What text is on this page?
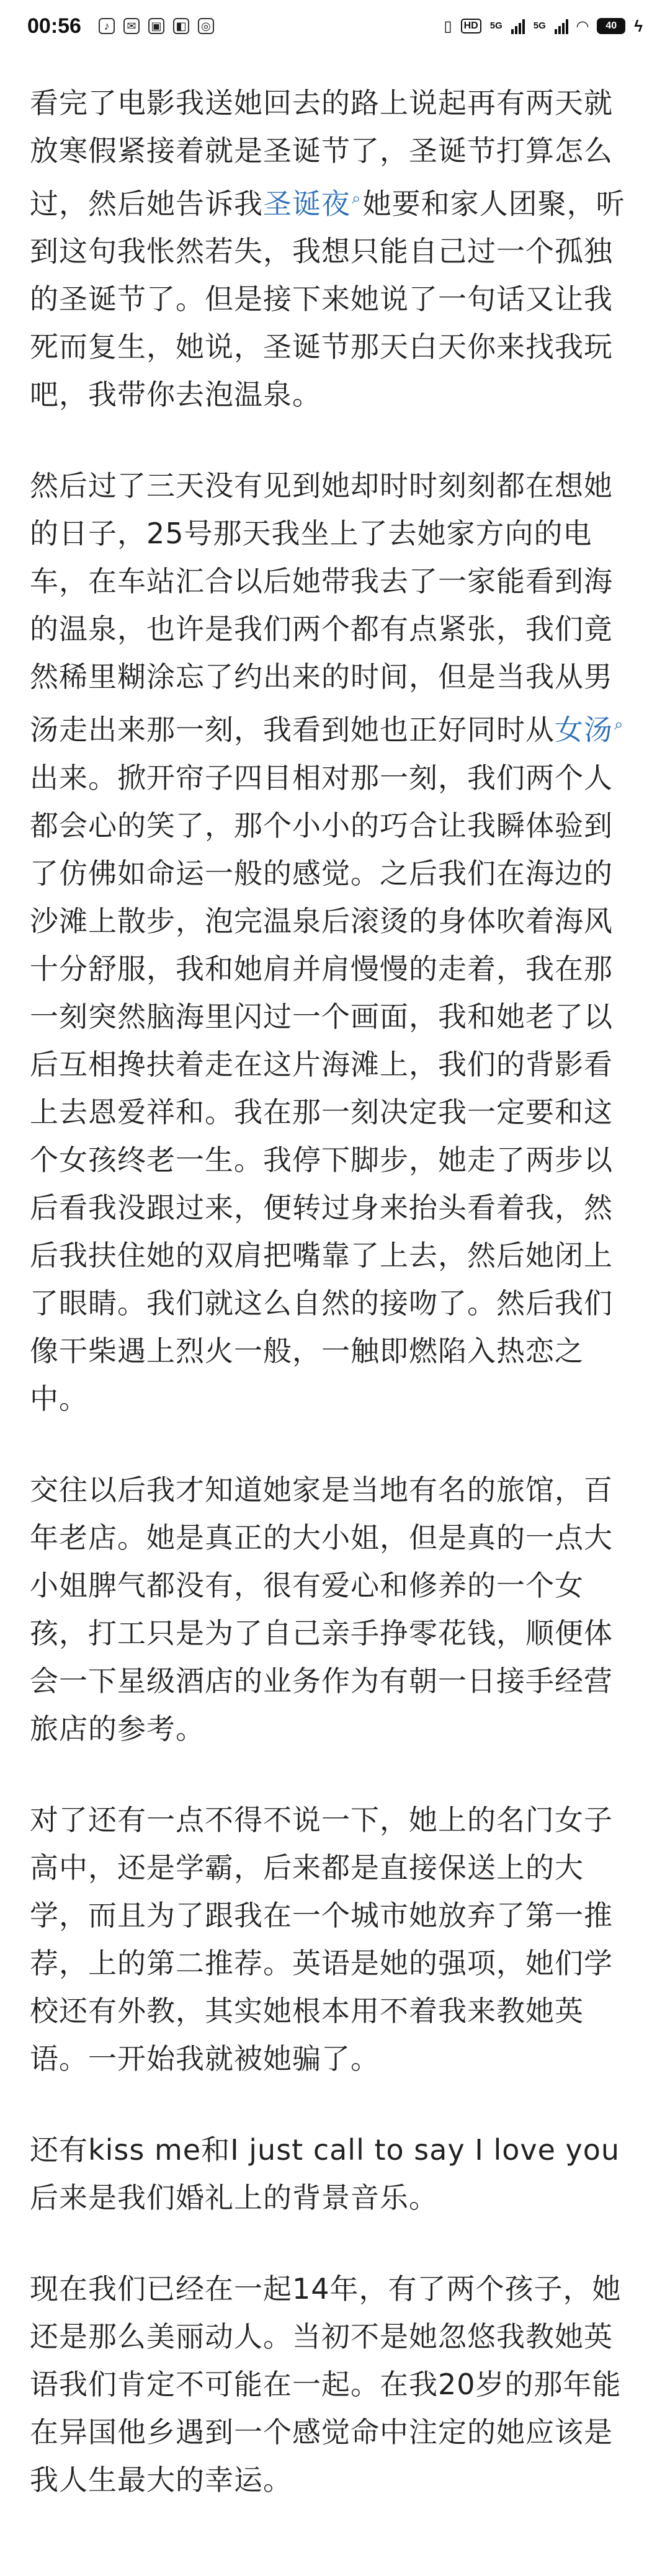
00:56	♪	✉	▣ ◧ ◎	▯	HD	5G	5G ◠	40	ϟ

看完了电影我送她回去的路上说起再有两天就放寒假紧接着就是圣诞节了，圣诞节打算怎么过，然后她告诉我圣诞夜⌕她要和家人团聚，听到这句我怅然若失，我想只能自己过一个孤独的圣诞节了。但是接下来她说了一句话又让我死而复生，她说，圣诞节那天白天你来找我玩吧，我带你去泡温泉。

然后过了三天没有见到她却时时刻刻都在想她的日子，25号那天我坐上了去她家方向的电车，在车站汇合以后她带我去了一家能看到海的温泉，也许是我们两个都有点紧张，我们竟然稀里糊涂忘了约出来的时间，但是当我从男汤走出来那一刻，我看到她也正好同时从女汤⌕出来。掀开帘子四目相对那一刻，我们两个人都会心的笑了，那个小小的巧合让我瞬体验到了仿佛如命运一般的感觉。之后我们在海边的沙滩上散步，泡完温泉后滚烫的身体吹着海风十分舒服，我和她肩并肩慢慢的走着，我在那一刻突然脑海里闪过一个画面，我和她老了以后互相搀扶着走在这片海滩上，我们的背影看上去恩爱祥和。我在那一刻决定我一定要和这个女孩终老一生。我停下脚步，她走了两步以后看我没跟过来，便转过身来抬头看着我，然后我扶住她的双肩把嘴靠了上去，然后她闭上了眼睛。我们就这么自然的接吻了。然后我们像干柴遇上烈火一般，一触即燃陷入热恋之中。

交往以后我才知道她家是当地有名的旅馆，百年老店。她是真正的大小姐，但是真的一点大小姐脾气都没有，很有爱心和修养的一个女孩，打工只是为了自己亲手挣零花钱，顺便体会一下星级酒店的业务作为有朝一日接手经营旅店的参考。

对了还有一点不得不说一下，她上的名门女子高中，还是学霸，后来都是直接保送上的大学，而且为了跟我在一个城市她放弃了第一推荐，上的第二推荐。英语是她的强项，她们学校还有外教，其实她根本用不着我来教她英语。一开始我就被她骗了。

还有kiss me和I just call to say I love you 后来是我们婚礼上的背景音乐。

现在我们已经在一起14年，有了两个孩子，她还是那么美丽动人。当初不是她忽悠我教她英语我们肯定不可能在一起。在我20岁的那年能在异国他乡遇到一个感觉命中注定的她应该是我人生最大的幸运。
